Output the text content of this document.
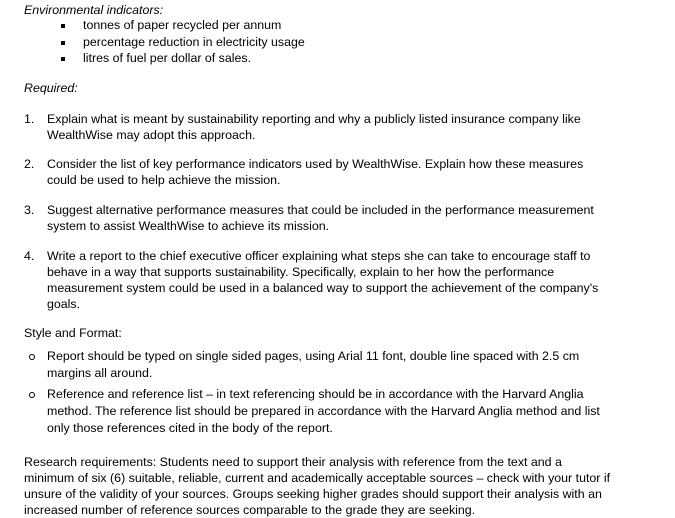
Environmental indicators:
tonnes of paper recycled per annum
percentage reduction in electricity usage
litres of fuel per dollar of sales.
Required:
1. Explain what is meant by sustainability reporting and why a publicly listed insurance company like
WealthWise may adopt this approach.
2. Consider the list of key performance indicators used by WealthWise. Explain how these measures
could be used to help achieve the mission.
3. Suggest alternative performance measures that could be included in the performance measurement
system to assist WealthWise to achieve its mission.
4. Write a report to the chief executive officer explaining what steps she can take to encourage staff to
behave in a way that supports sustainability. Specifically, explain to her how the performance
measurement system could be used in a balanced way to support the achievement of the company's
goals.
Style and Format:
Report should be typed on single sided pages, using Arial 11 font, double line spaced with 2.5 cm
margins all around.
Reference and reference list – in text referencing should be in accordance with the Harvard Anglia
method. The reference list should be prepared in accordance with the Harvard Anglia method and list
only those references cited in the body of the report.
Research requirements: Students need to support their analysis with reference from the text and a
minimum of six (6) suitable, reliable, current and academically acceptable sources – check with your tutor if
unsure of the validity of your sources. Groups seeking higher grades should support their analysis with an
increased number of reference sources comparable to the grade they are seeking.
